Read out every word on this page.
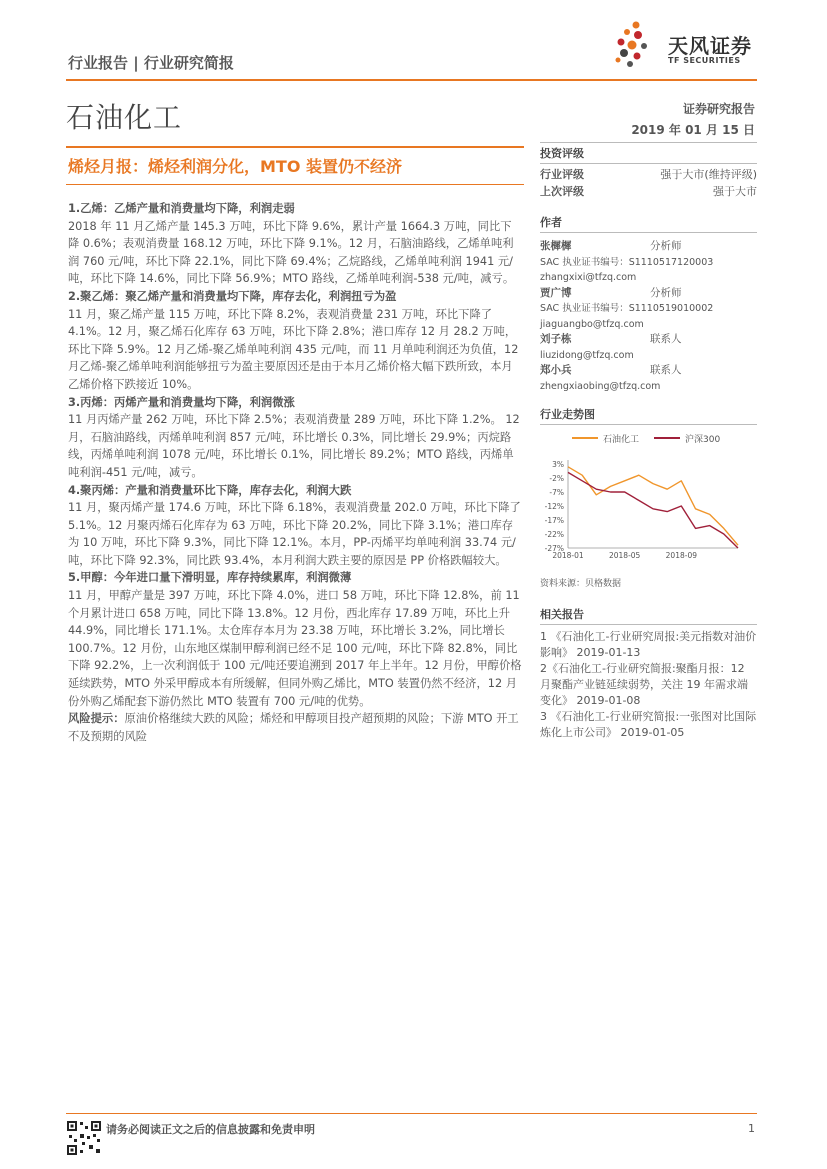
行业报告 | 行业研究简报
天风证券
TF SECURITIES
石油化工	证券研究报告
2019 年 01 月 15 日
烯烃月报：烯烃利润分化，MTO 装置仍不经济
1.乙烯：乙烯产量和消费量均下降，利润走弱

2018 年 11 月乙烯产量 145.3 万吨，环比下降 9.6%，累计产量 1664.3 万吨，同比下降 0.6%；表观消费量 168.12 万吨，环比下降 9.1%。12 月，石脑油路线，乙烯单吨利润 760 元/吨，环比下降 22.1%，同比下降 69.4%；乙烷路线，乙烯单吨利润 1941 元/吨，环比下降 14.6%，同比下降 56.9%；MTO 路线，乙烯单吨利润-538 元/吨，减亏。

2.聚乙烯：聚乙烯产量和消费量均下降，库存去化，利润扭亏为盈

11 月，聚乙烯产量 115 万吨，环比下降 8.2%，表观消费量 231 万吨，环比下降了 4.1%。12 月，聚乙烯石化库存 63 万吨，环比下降 2.8%；港口库存 12 月 28.2 万吨，环比下降 5.9%。12 月乙烯-聚乙烯单吨利润 435 元/吨，而 11 月单吨利润还为负值，12 月乙烯-聚乙烯单吨利润能够扭亏为盈主要原因还是由于本月乙烯价格大幅下跌所致，本月乙烯价格下跌接近 10%。

3.丙烯：丙烯产量和消费量均下降，利润微涨

11 月丙烯产量 262 万吨，环比下降 2.5%；表观消费量 289 万吨，环比下降 1.2%。 12 月，石脑油路线，丙烯单吨利润 857 元/吨，环比增长 0.3%，同比增长 29.9%；丙烷路线，丙烯单吨利润 1078 元/吨，环比增长 0.1%，同比增长 89.2%；MTO 路线，丙烯单吨利润-451 元/吨，减亏。

4.聚丙烯：产量和消费量环比下降，库存去化，利润大跌

11 月，聚丙烯产量 174.6 万吨，环比下降 6.18%，表观消费量 202.0 万吨，环比下降了 5.1%。12 月聚丙烯石化库存为 63 万吨，环比下降 20.2%，同比下降 3.1%；港口库存为 10 万吨，环比下降 9.3%，同比下降 12.1%。本月，PP-丙烯平均单吨利润 33.74 元/吨，环比下降 92.3%，同比跌 93.4%，本月利润大跌主要的原因是 PP 价格跌幅较大。

5.甲醇：今年进口量下滑明显，库存持续累库，利润微薄

11 月，甲醇产量是 397 万吨，环比下降 4.0%，进口 58 万吨，环比下降 12.8%，前 11 个月累计进口 658 万吨，同比下降 13.8%。12 月份，西北库存 17.89 万吨，环比上升 44.9%，同比增长 171.1%。太仓库存本月为 23.38 万吨，环比增长 3.2%，同比增长 100.7%。12 月份，山东地区煤制甲醇利润已经不足 100 元/吨，环比下降 82.8%，同比下降 92.2%，上一次利润低于 100 元/吨还要追溯到 2017 年上半年。12 月份，甲醇价格延续跌势，MTO 外采甲醇成本有所缓解，但同外购乙烯比，MTO 装置仍然不经济，12 月份外购乙烯配套下游仍然比 MTO 装置有 700 元/吨的优势。

风险提示：原油价格继续大跌的风险；烯烃和甲醇项目投产超预期的风险；下游 MTO 开工不及预期的风险

投资评级
行业评级	强于大市(维持评级)
上次评级	强于大市
作者
张樨樨	分析师
SAC 执业证书编号：S1110517120003
zhangxixi@tfzq.com
贾广博	分析师
SAC 执业证书编号：S1110519010002
jiaguangbo@tfzq.com
刘子栋	联系人
liuzidong@tfzq.com
郑小兵	联系人
zhengxiaobing@tfzq.com
行业走势图
石油化工	沪深300
3%
-2%
-7%
-12%
-17%
-22%
-27%
2018-01	2018-05	2018-09
资料来源：贝格数据
相关报告
1 《石油化工-行业研究周报:美元指数对油价影响》 2019-01-13
2《石油化工-行业研究简报:聚酯月报：12 月聚酯产业链延续弱势，关注 19 年需求端变化》 2019-01-08
3 《石油化工-行业研究简报:一张图对比国际炼化上市公司》 2019-01-05
请务必阅读正文之后的信息披露和免责申明	1
